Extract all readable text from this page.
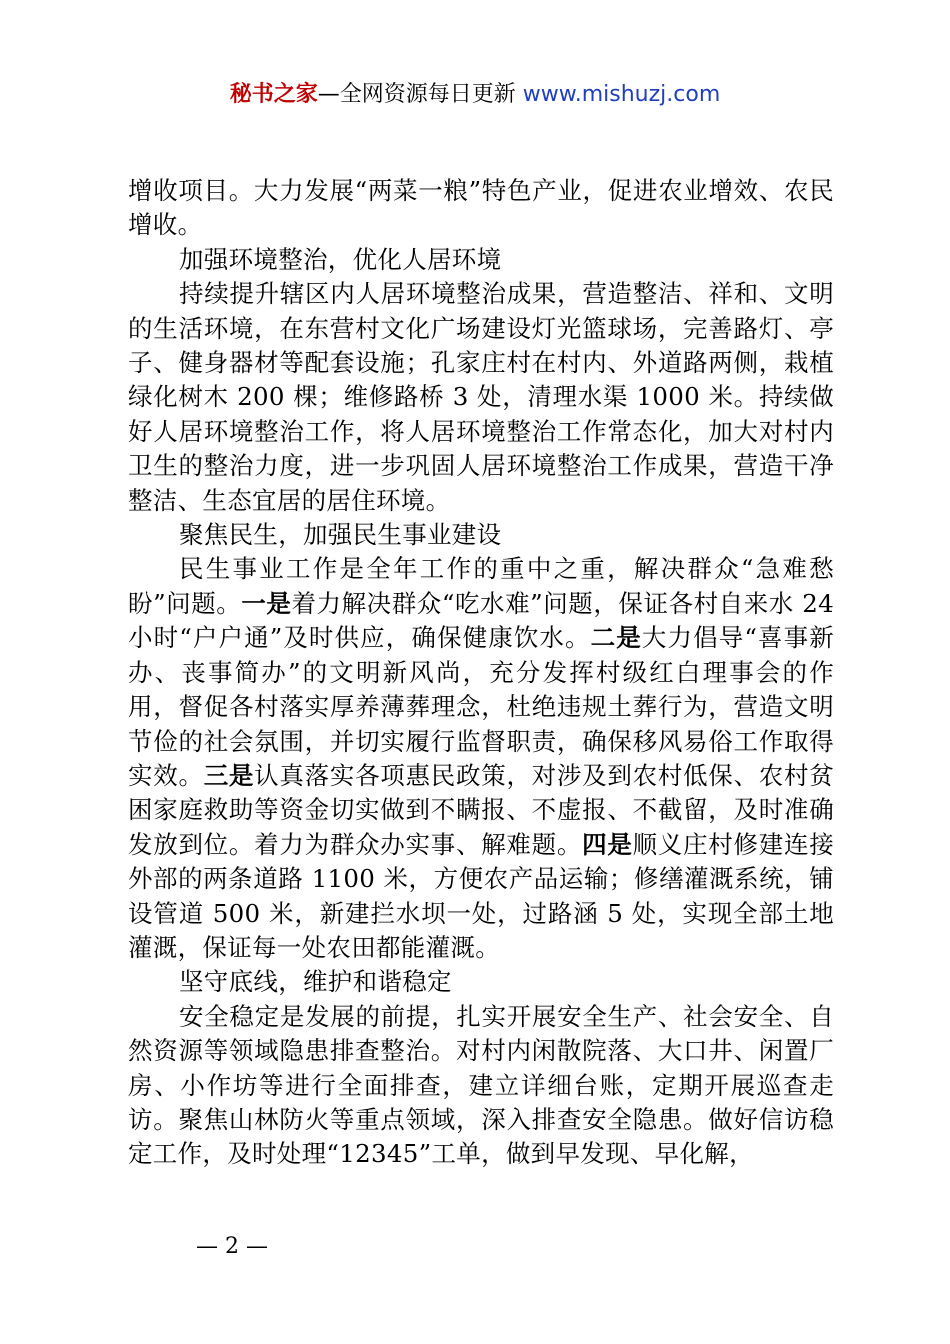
秘书之家—全网资源每日更新 www.mishuzj.com

增收项目。大力发展“两菜一粮”特色产业，促进农业增效、农民增收。

加强环境整治，优化人居环境

持续提升辖区内人居环境整治成果，营造整洁、祥和、文明的生活环境，在东营村文化广场建设灯光篮球场，完善路灯、亭子、健身器材等配套设施；孔家庄村在村内、外道路两侧，栽植绿化树木 200 棵；维修路桥 3 处，清理水渠 1000 米。持续做好人居环境整治工作，将人居环境整治工作常态化，加大对村内卫生的整治力度，进一步巩固人居环境整治工作成果，营造干净整洁、生态宜居的居住环境。

聚焦民生，加强民生事业建设

民生事业工作是全年工作的重中之重，解决群众“急难愁盼”问题。一是着力解决群众“吃水难”问题，保证各村自来水 24 小时“户户通”及时供应，确保健康饮水。二是大力倡导“喜事新办、丧事简办”的文明新风尚，充分发挥村级红白理事会的作用，督促各村落实厚养薄葬理念，杜绝违规土葬行为，营造文明节俭的社会氛围，并切实履行监督职责，确保移风易俗工作取得实效。三是认真落实各项惠民政策，对涉及到农村低保、农村贫困家庭救助等资金切实做到不瞒报、不虚报、不截留，及时准确发放到位。着力为群众办实事、解难题。四是顺义庄村修建连接外部的两条道路 1100 米，方便农产品运输；修缮灌溉系统，铺设管道 500 米，新建拦水坝一处，过路涵 5 处，实现全部土地灌溉，保证每一处农田都能灌溉。

坚守底线，维护和谐稳定

安全稳定是发展的前提，扎实开展安全生产、社会安全、自然资源等领域隐患排查整治。对村内闲散院落、大口井、闲置厂房、小作坊等进行全面排查，建立详细台账，定期开展巡查走访。聚焦山林防火等重点领域，深入排查安全隐患。做好信访稳定工作，及时处理“12345”工单，做到早发现、早化解，

— 2 —
